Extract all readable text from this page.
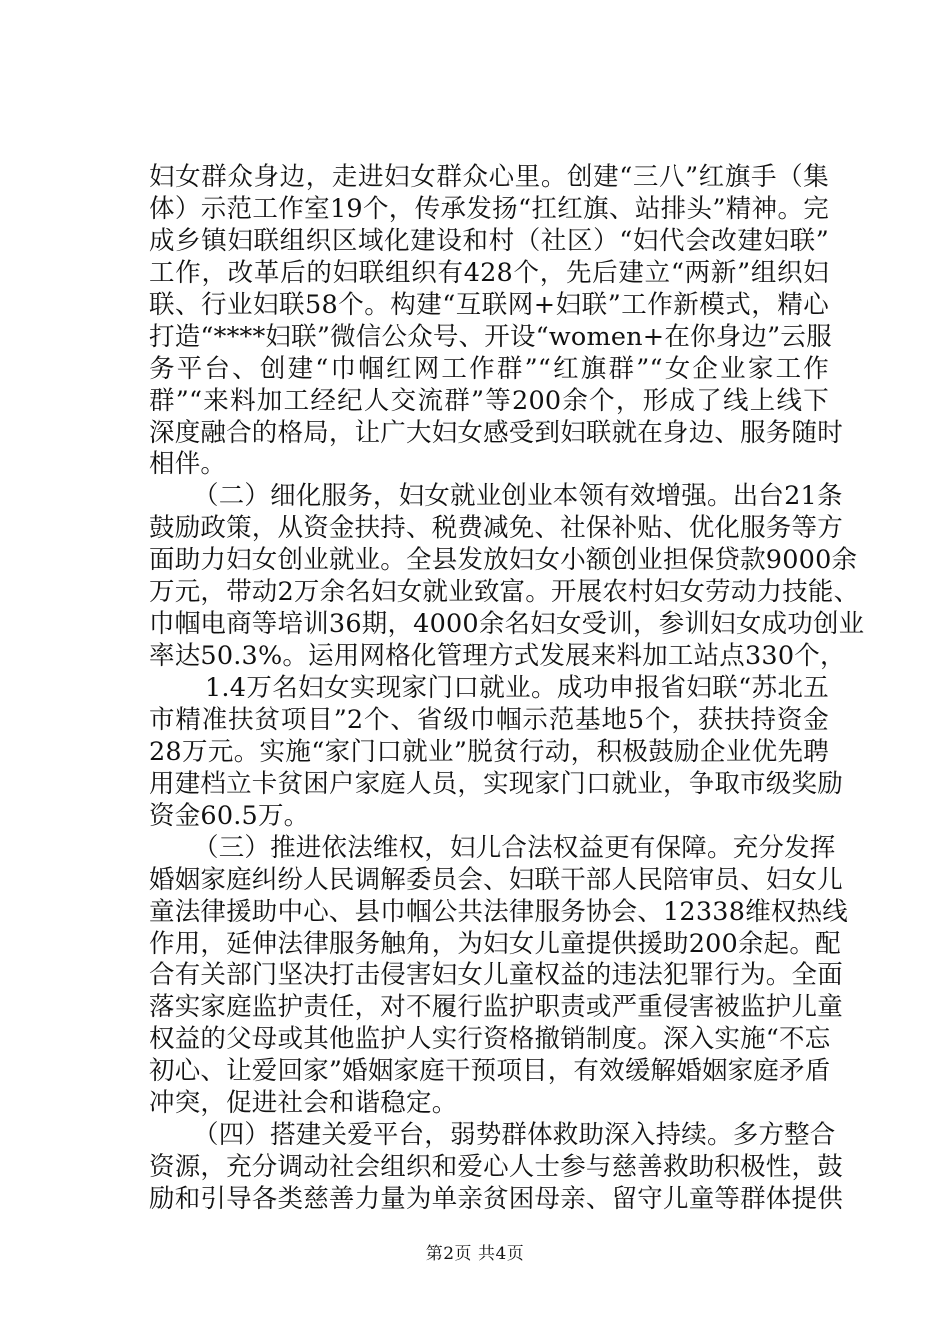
妇女群众身边，走进妇女群众心里。创建“三八”红旗手（集
体）示范工作室19个，传承发扬“扛红旗、站排头”精神。完
成乡镇妇联组织区域化建设和村（社区）“妇代会改建妇联”
工作，改革后的妇联组织有428个，先后建立“两新”组织妇
联、行业妇联58个。构建“互联网+妇联”工作新模式，精心
打造“****妇联”微信公众号、开设“women+在你身边”云服
务平台、创建“巾帼红网工作群”“红旗群”“女企业家工作
群”“来料加工经纪人交流群”等200余个，形成了线上线下
深度融合的格局，让广大妇女感受到妇联就在身边、服务随时
相伴。
（二）细化服务，妇女就业创业本领有效增强。出台21条
鼓励政策，从资金扶持、税费减免、社保补贴、优化服务等方
面助力妇女创业就业。全县发放妇女小额创业担保贷款9000余
万元，带动2万余名妇女就业致富。开展农村妇女劳动力技能、
巾帼电商等培训36期，4000余名妇女受训，参训妇女成功创业
率达50.3%。运用网格化管理方式发展来料加工站点330个，
1.4万名妇女实现家门口就业。成功申报省妇联“苏北五
市精准扶贫项目”2个、省级巾帼示范基地5个，获扶持资金
28万元。实施“家门口就业”脱贫行动，积极鼓励企业优先聘
用建档立卡贫困户家庭人员，实现家门口就业，争取市级奖励
资金60.5万。
（三）推进依法维权，妇儿合法权益更有保障。充分发挥
婚姻家庭纠纷人民调解委员会、妇联干部人民陪审员、妇女儿
童法律援助中心、县巾帼公共法律服务协会、12338维权热线
作用，延伸法律服务触角，为妇女儿童提供援助200余起。配
合有关部门坚决打击侵害妇女儿童权益的违法犯罪行为。全面
落实家庭监护责任，对不履行监护职责或严重侵害被监护儿童
权益的父母或其他监护人实行资格撤销制度。深入实施“不忘
初心、让爱回家”婚姻家庭干预项目，有效缓解婚姻家庭矛盾
冲突，促进社会和谐稳定。
（四）搭建关爱平台，弱势群体救助深入持续。多方整合
资源，充分调动社会组织和爱心人士参与慈善救助积极性，鼓
励和引导各类慈善力量为单亲贫困母亲、留守儿童等群体提供
第2页 共4页
